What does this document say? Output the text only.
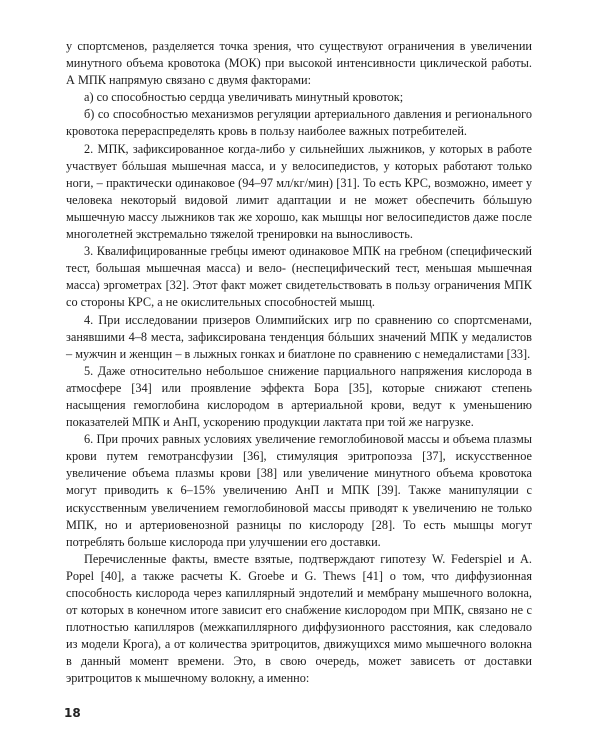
у спортсменов, разделяется точка зрения, что существуют ограничения в увеличении минутного объема кровотока (МОК) при высокой интенсивности циклической работы. А МПК напрямую связано с двумя факторами:

а) со способностью сердца увеличивать минутный кровоток;

б) со способностью механизмов регуляции артериального давления и регионального кровотока перераспределять кровь в пользу наиболее важных потребителей.

2. МПК, зафиксированное когда-либо у сильнейших лыжников, у которых в работе участвует бóльшая мышечная масса, и у велосипедистов, у которых работают только ноги, – практически одинаковое (94–97 мл/кг/мин) [31]. То есть КРС, возможно, имеет у человека некоторый видовой лимит адаптации и не может обеспечить бóльшую мышечную массу лыжников так же хорошо, как мышцы ног велосипедистов даже после многолетней экстремально тяжелой тренировки на выносливость.

3. Квалифицированные гребцы имеют одинаковое МПК на гребном (специфический тест, большая мышечная масса) и вело- (неспецифический тест, меньшая мышечная масса) эргометрах [32]. Этот факт может свидетельствовать в пользу ограничения МПК со стороны КРС, а не окислительных способностей мышц.

4. При исследовании призеров Олимпийских игр по сравнению со спортсменами, занявшими 4–8 места, зафиксирована тенденция бóльших значений МПК у медалистов – мужчин и женщин – в лыжных гонках и биатлоне по сравнению с немедалистами [33].

5. Даже относительно небольшое снижение парциального напряжения кислорода в атмосфере [34] или проявление эффекта Бора [35], которые снижают степень насыщения гемоглобина кислородом в артериальной крови, ведут к уменьшению показателей МПК и АнП, ускорению продукции лактата при той же нагрузке.

6. При прочих равных условиях увеличение гемоглобиновой массы и объема плазмы крови путем гемотрансфузии [36], стимуляция эритропоэза [37], искусственное увеличение объема плазмы крови [38] или увеличение минутного объема кровотока могут приводить к 6–15% увеличению АнП и МПК [39]. Также манипуляции с искусственным увеличением гемоглобиновой массы приводят к увеличению не только МПК, но и артериовенозной разницы по кислороду [28]. То есть мышцы могут потреблять больше кислорода при улучшении его доставки.

Перечисленные факты, вместе взятые, подтверждают гипотезу W. Federspiel и A. Popel [40], а также расчеты K. Groebe и G. Thews [41] о том, что диффузионная способность кислорода через капиллярный эндотелий и мембрану мышечного волокна, от которых в конечном итоге зависит его снабжение кислородом при МПК, связано не с плотностью капилляров (межкапиллярного диффузионного расстояния, как следовало из модели Крога), а от количества эритроцитов, движущихся мимо мышечного волокна в данный момент времени. Это, в свою очередь, может зависеть от доставки эритроцитов к мышечному волокну, а именно:

18
